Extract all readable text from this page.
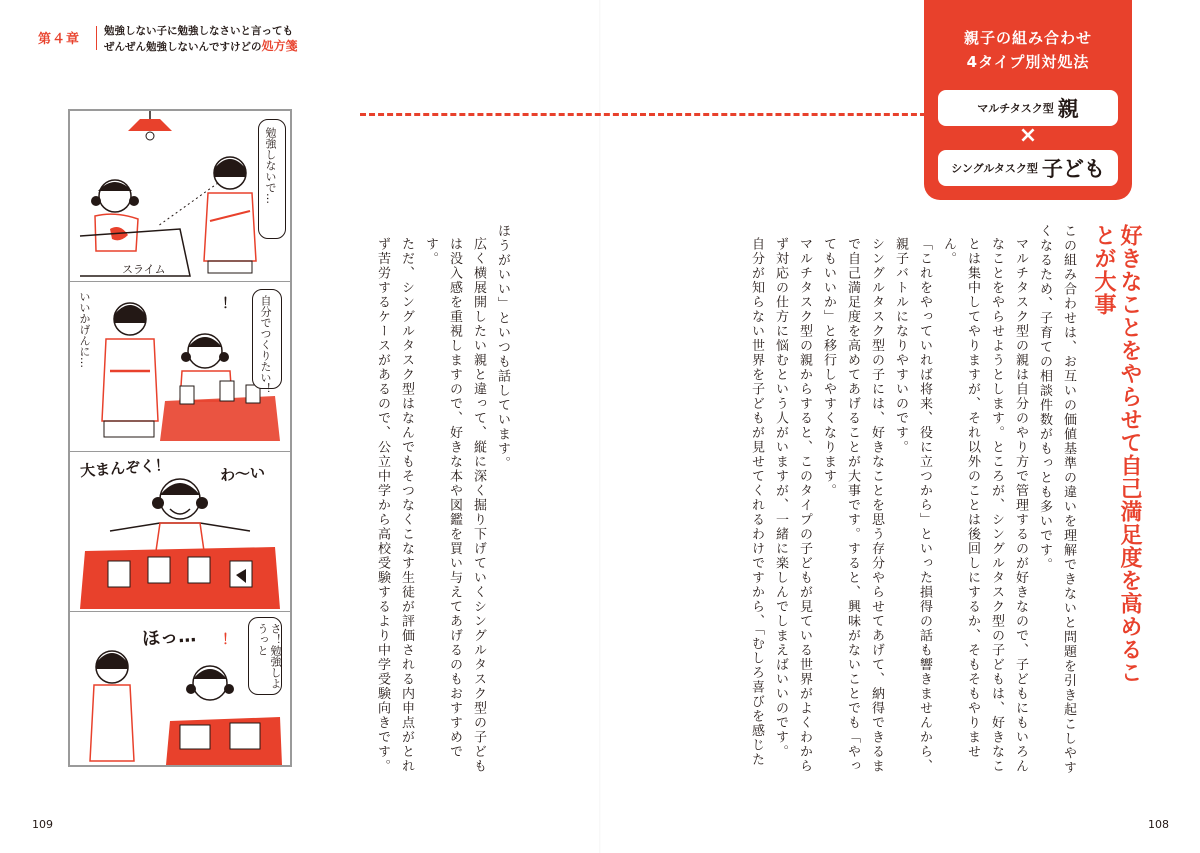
第４章
勉強しない子に勉強しなさいと言っても
ぜんぜん勉強しないんですけどの処方箋	親子の組み合わせ
4タイプ別対処法
マルチタスク型 親
×
シングルタスク型 子ども
勉強しないで…
スライム
いいかげんに…	自分でつくりたい！
！
大まんぞく！	わ〜い
ほっ…	さ！勉強しようっと
！	好きなことをやらせて自己満足度を高めることが大事
この組み合わせは、お互いの価値基準の違いを理解できないと問題を引き起こしやすくなるため、子育ての相談件数がもっとも多いです。
マルチタスク型の親は自分のやり方で管理するのが好きなので、子どもにもいろんなことをやらせようとします。ところが、シングルタスク型の子どもは、好きなことは集中してやりますが、それ以外のことは後回しにするか、そもそもやりません。
「これをやっていれば将来、役に立つから」といった損得の話も響きませんから、親子バトルになりやすいのです。
シングルタスク型の子には、好きなことを思う存分やらせてあげて、納得できるまで自己満足度を高めてあげることが大事です。すると、興味がないことでも「やってもいいか」と移行しやすくなります。
マルチタスク型の親からすると、このタイプの子どもが見ている世界がよくわからず対応の仕方に悩むという人がいますが、一緒に楽しんでしまえばいいのです。
自分が知らない世界を子どもが見せてくれるわけですから、「むしろ喜びを感じた
ほうがいい」といつも話しています。
広く横展開したい親と違って、縦に深く掘り下げていくシングルタスク型の子どもは没入感を重視しますので、好きな本や図鑑を買い与えてあげるのもおすすめです。
ただ、シングルタスク型はなんでもそつなくこなす生徒が評価される内申点がとれず苦労するケースがあるので、公立中学から高校受験するより中学受験向きです。
109	108
